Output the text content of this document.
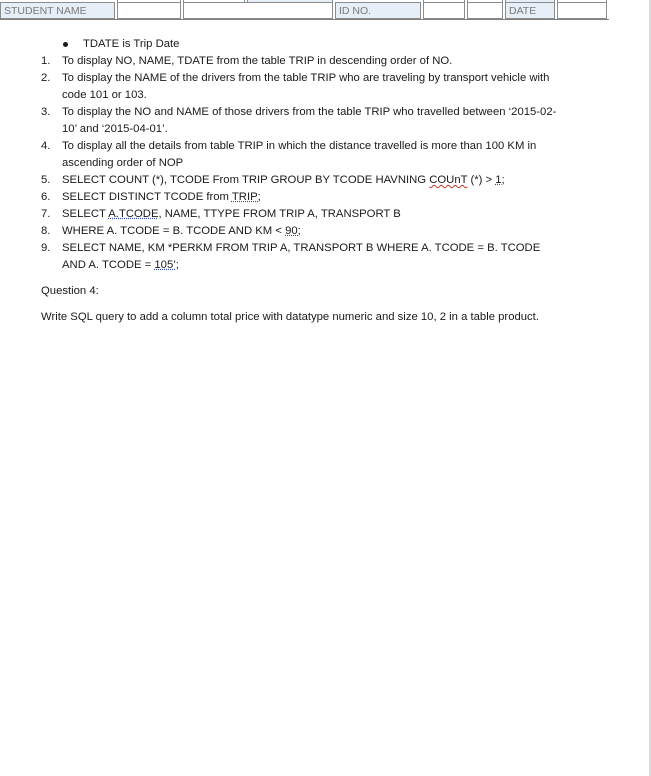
STUDENT NAME	ID NO.	DATE
TDATE is Trip Date
1. To display NO, NAME, TDATE from the table TRIP in descending order of NO.
2. To display the NAME of the drivers from the table TRIP who are traveling by transport vehicle with code 101 or 103.
3. To display the NO and NAME of those drivers from the table TRIP who travelled between ‘2015-02-10’ and ‘2015-04-01’.
4. To display all the details from table TRIP in which the distance travelled is more than 100 KM in ascending order of NOP
5. SELECT COUNT (*), TCODE From TRIP GROUP BY TCODE HAVNING COUnT (*) > 1;
6. SELECT DISTINCT TCODE from TRIP;
7. SELECT A.TCODE, NAME, TTYPE FROM TRIP A, TRANSPORT B
8. WHERE A. TCODE = B. TCODE AND KM < 90;
9. SELECT NAME, KM *PERKM FROM TRIP A, TRANSPORT B WHERE A. TCODE = B. TCODE AND A. TCODE = 105’;
Question 4:
Write SQL query to add a column total price with datatype numeric and size 10, 2 in a table product.
